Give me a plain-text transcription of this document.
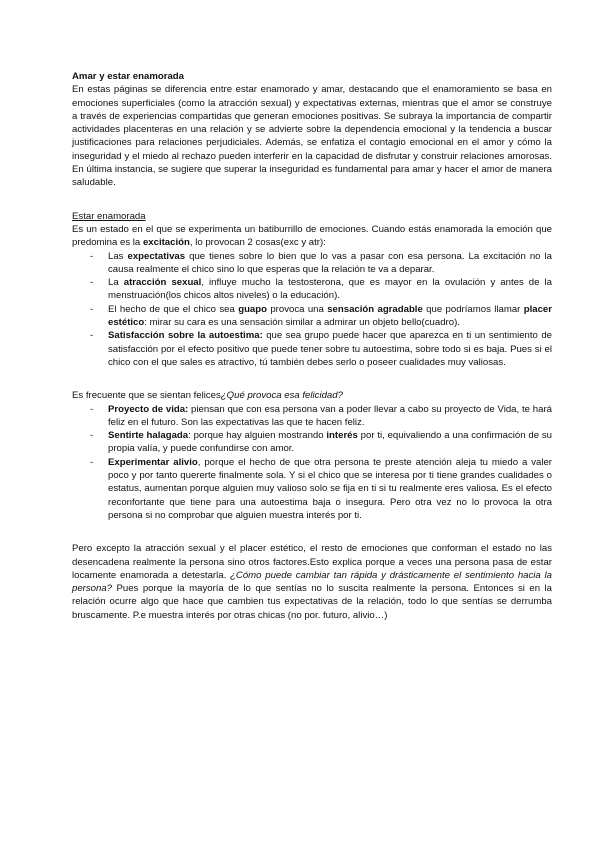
Amar y estar enamorada

En estas páginas se diferencia entre estar enamorado y amar, destacando que el enamoramiento se basa en emociones superficiales (como la atracción sexual) y expectativas externas, mientras que el amor se construye a través de experiencias compartidas que generan emociones positivas. Se subraya la importancia de compartir actividades placenteras en una relación y se advierte sobre la dependencia emocional y la tendencia a buscar justificaciones para relaciones perjudiciales. Además, se enfatiza el contagio emocional en el amor y cómo la inseguridad y el miedo al rechazo pueden interferir en la capacidad de disfrutar y construir relaciones amorosas. En última instancia, se sugiere que superar la inseguridad es fundamental para amar y hacer el amor de manera saludable.

Estar enamorada

Es un estado en el que se experimenta un batiburrillo de emociones. Cuando estás enamorada la emoción que predomina es la excitación, lo provocan 2 cosas(exc y atr):

- Las expectativas que tienes sobre lo bien que lo vas a pasar con esa persona. La excitación no la causa realmente el chico sino lo que esperas que la relación te va a deparar.
- La atracción sexual, influye mucho la testosterona, que es mayor en la ovulación y antes de la menstruación(los chicos altos niveles) o la educación).
- El hecho de que el chico sea guapo provoca una sensación agradable que podríamos llamar placer estético: mirar su cara es una sensación similar a admirar un objeto bello(cuadro).
- Satisfacción sobre la autoestima: que sea grupo puede hacer que aparezca en ti un sentimiento de satisfacción por el efecto positivo que puede tener sobre tu autoestima, sobre todo si es baja. Pues si el chico con el que sales es atractivo, tú también debes serlo o poseer cualidades muy valiosas.

Es frecuente que se sientan felices¿Qué provoca esa felicidad?

- Proyecto de vida: piensan que con esa persona van a poder llevar a cabo su proyecto de Vida, te hará feliz en el futuro. Son las expectativas las que te hacen feliz.
- Sentirte halagada: porque hay alguien mostrando interés por ti, equivaliendo a una confirmación de su propia valía, y puede confundirse con amor.
- Experimentar alivio, porque el hecho de que otra persona te preste atención aleja tu miedo a valer poco y por tanto quererte finalmente sola. Y si el chico que se interesa por ti tiene grandes cualidades o estatus, aumentan porque alguien muy valioso solo se fija en ti si tu realmente eres valiosa. Es el efecto reconfortante que tiene para una autoestima baja o insegura. Pero otra vez no lo provoca la otra persona si no comprobar que alguien muestra interés por ti.

Pero excepto la atracción sexual y el placer estético, el resto de emociones que conforman el estado no las desencadena realmente la persona sino otros factores.Esto explica porque a veces una persona pasa de estar locamente enamorada a detestarla. ¿Cómo puede cambiar tan rápida y drásticamente el sentimiento hacia la persona? Pues porque la mayoría de lo que sentías no lo suscita realmente la persona. Entonces si en la relación ocurre algo que hace que cambien tus expectativas de la relación, todo lo que sentías se derrumba bruscamente. P.e muestra interés por otras chicas (no por. futuro, alivio…)
